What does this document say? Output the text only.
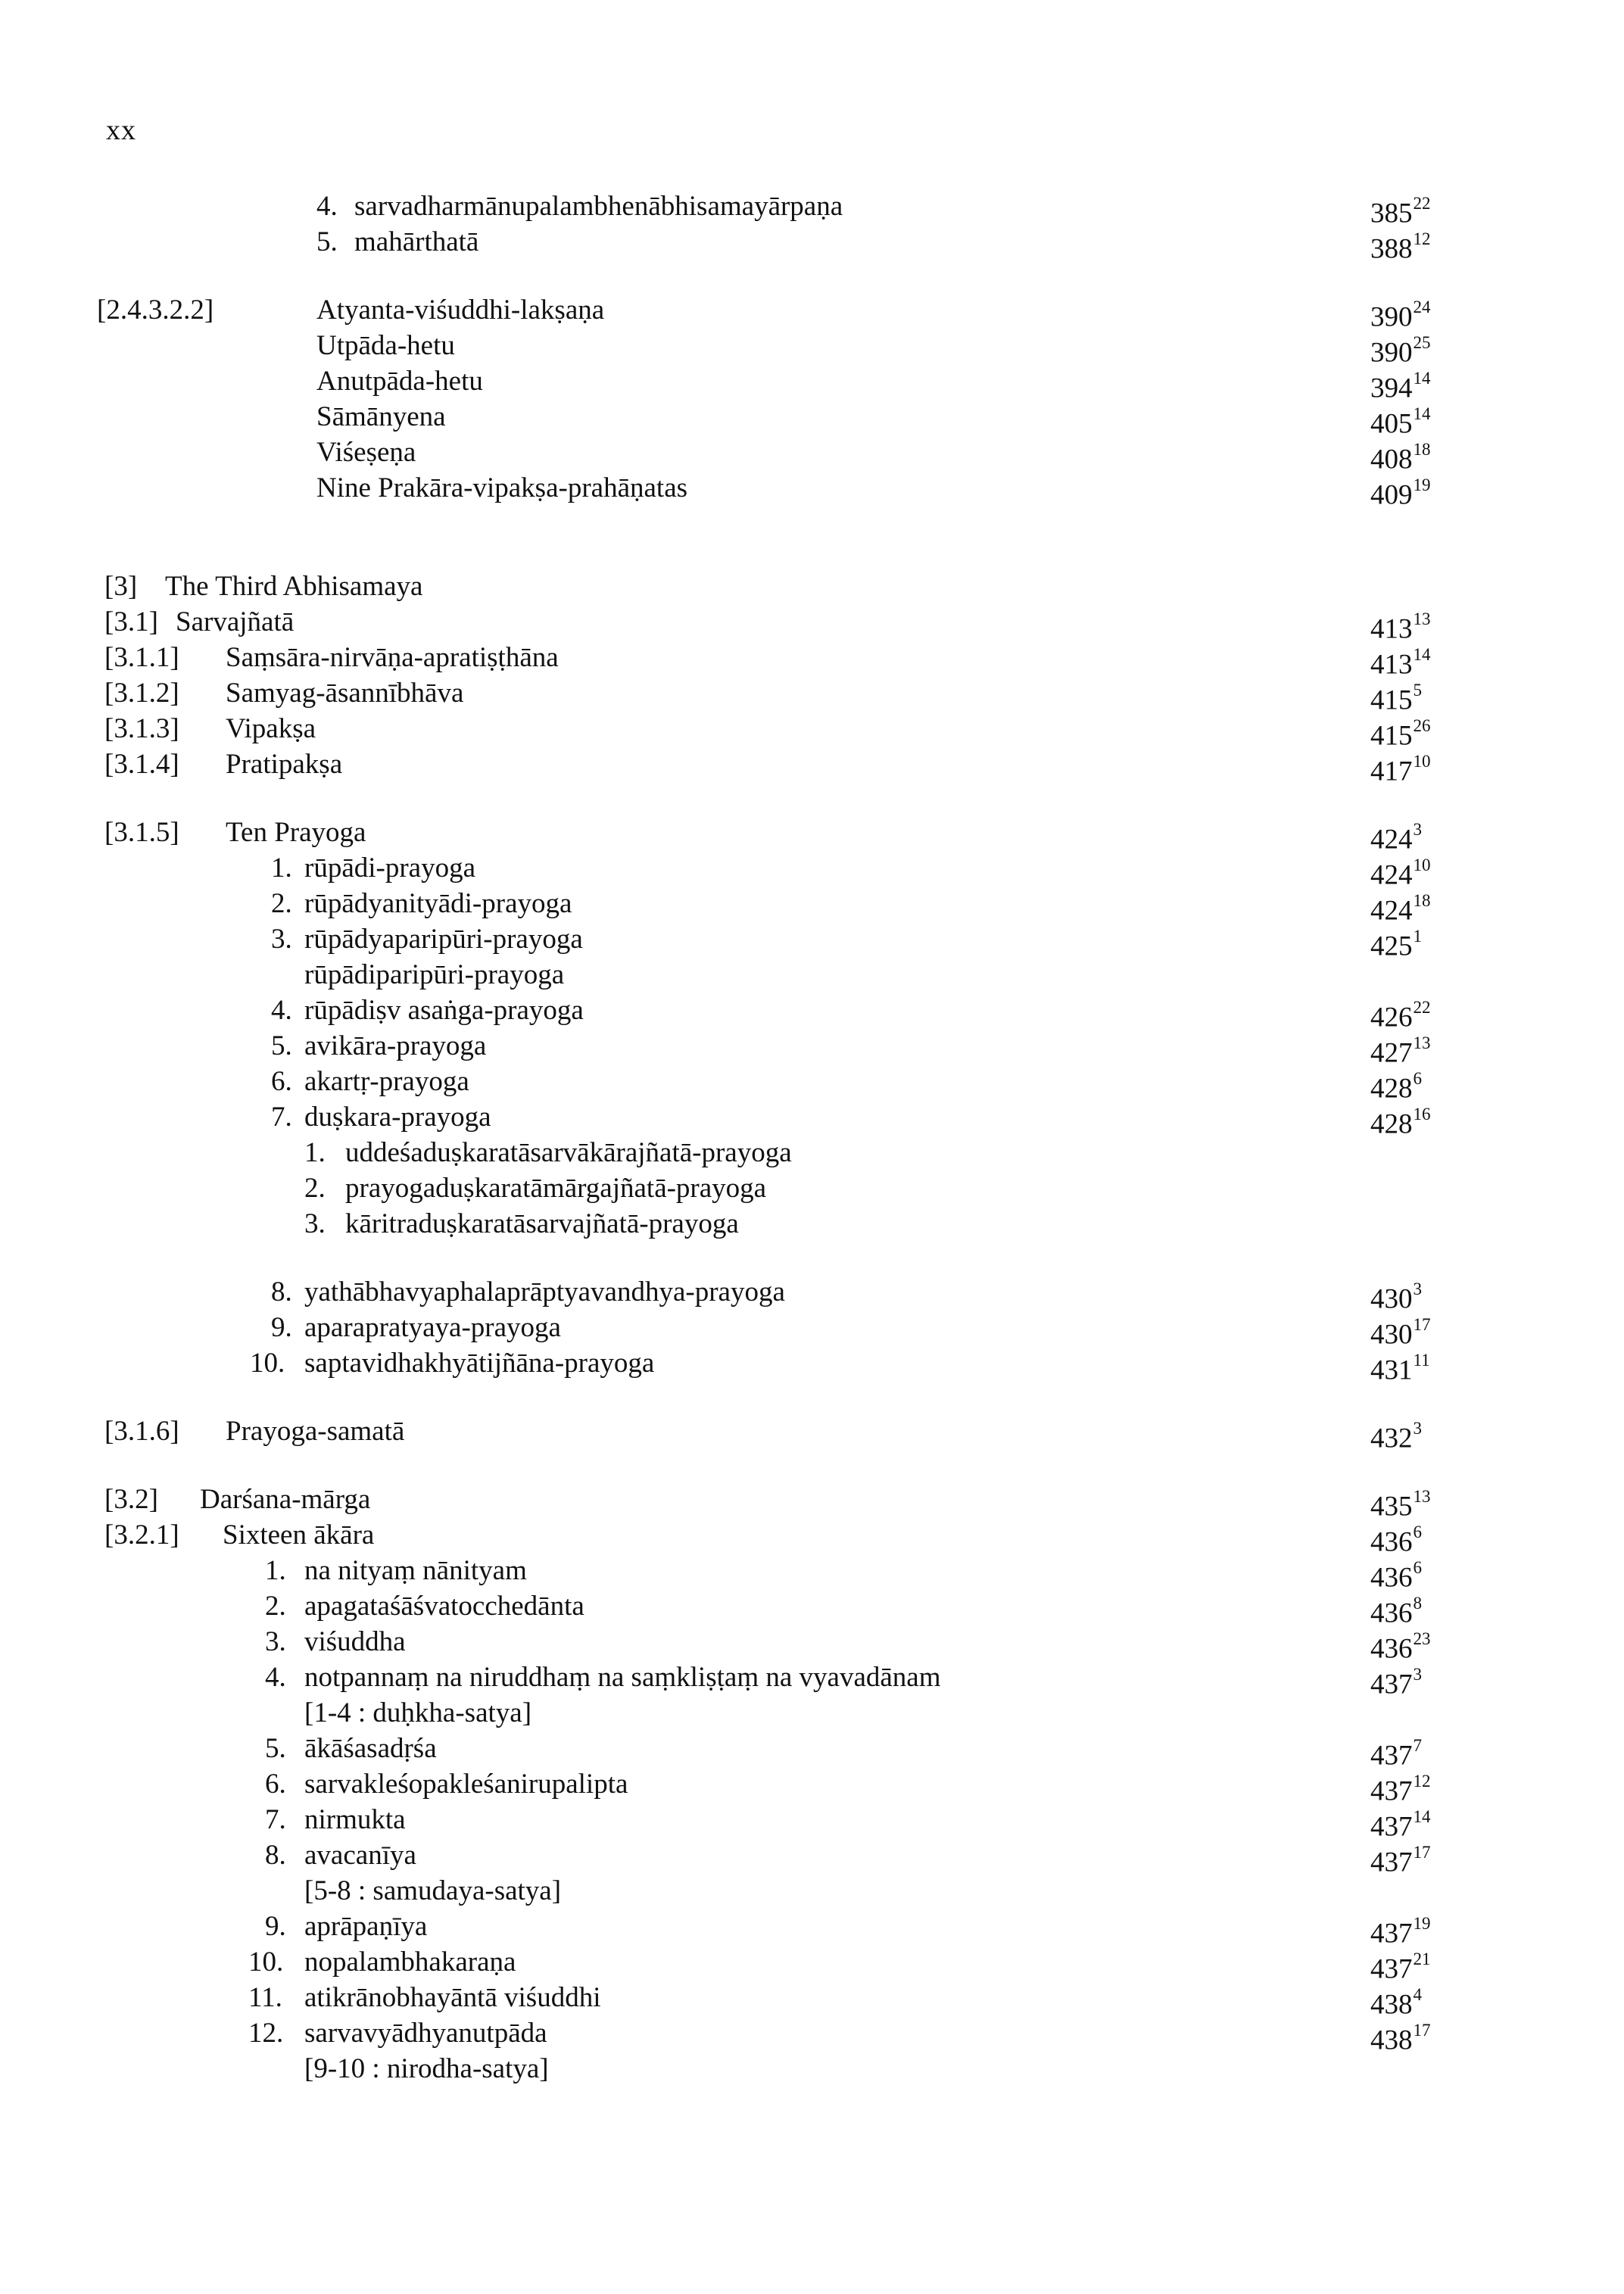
xx
4. sarvadharmānupalambhenābhisamayārpaṇa	$385^{22}$
5. mahārthatā	$388^{12}$
[2.4.3.2.2]	Atyanta-viśuddhi-lakṣaṇa	$390^{24}$
Utpāda-hetu	$390^{25}$
Anutpāda-hetu	$394^{14}$
Sāmānyena	$405^{14}$
Viśeṣeṇa	$408^{18}$
Nine Prakāra-vipakṣa-prahāṇatas	$409^{19}$
[3] The Third Abhisamaya
[3.1] Sarvajñatā	$413^{13}$
[3.1.1] Saṃsāra-nirvāṇa-apratiṣṭhāna	$413^{14}$
[3.1.2] Samyag-āsannībhāva	$415^5$
[3.1.3] Vipakṣa	$415^{26}$
[3.1.4] Pratipakṣa	$417^{10}$
[3.1.5] Ten Prayoga	$424^3$
1. rūpādi-prayoga	$424^{10}$
2. rūpādyanityādi-prayoga	$424^{18}$
3. rūpādyaparipūri-prayoga	$425^1$
rūpādiparipūri-prayoga
4. rūpādiṣv asaṅga-prayoga	$426^{22}$
5. avikāra-prayoga	$427^{13}$
6. akartṛ-prayoga	$428^6$
7. duṣkara-prayoga	$428^{16}$
1. uddeśaduṣkaratāsarvākārajñatā-prayoga
2. prayogaduṣkaratāmārgajñatā-prayoga
3. kāritraduṣkaratāsarvajñatā-prayoga
8. yathābhavyaphalaprāptyavandhya-prayoga	$430^3$
9. aparapratyaya-prayoga	$430^{17}$
10. saptavidhakhyātijñāna-prayoga	$431^{11}$
[3.1.6] Prayoga-samatā	$432^3$
[3.2] Darśana-mārga	$435^{13}$
[3.2.1] Sixteen ākāra	$436^6$
1. na nityaṃ nānityam	$436^6$
2. apagataśāśvatocchedānta	$436^8$
3. viśuddha	$436^{23}$
4. notpannaṃ na niruddhaṃ na saṃkliṣṭaṃ na vyavadānam	$437^3$
[1-4 : duḥkha-satya]
5. ākāśasadṛśa	$437^7$
6. sarvakleśopakleśanirupalipta	$437^{12}$
7. nirmukta	$437^{14}$
8. avacanīya	$437^{17}$
[5-8 : samudaya-satya]
9. aprāpaṇīya	$437^{19}$
10. nopalambhakaraṇa	$437^{21}$
11. atikrānobhayāntā viśuddhi	$438^4$
12. sarvavyādhyanutpāda	$438^{17}$
[9-10 : nirodha-satya]
